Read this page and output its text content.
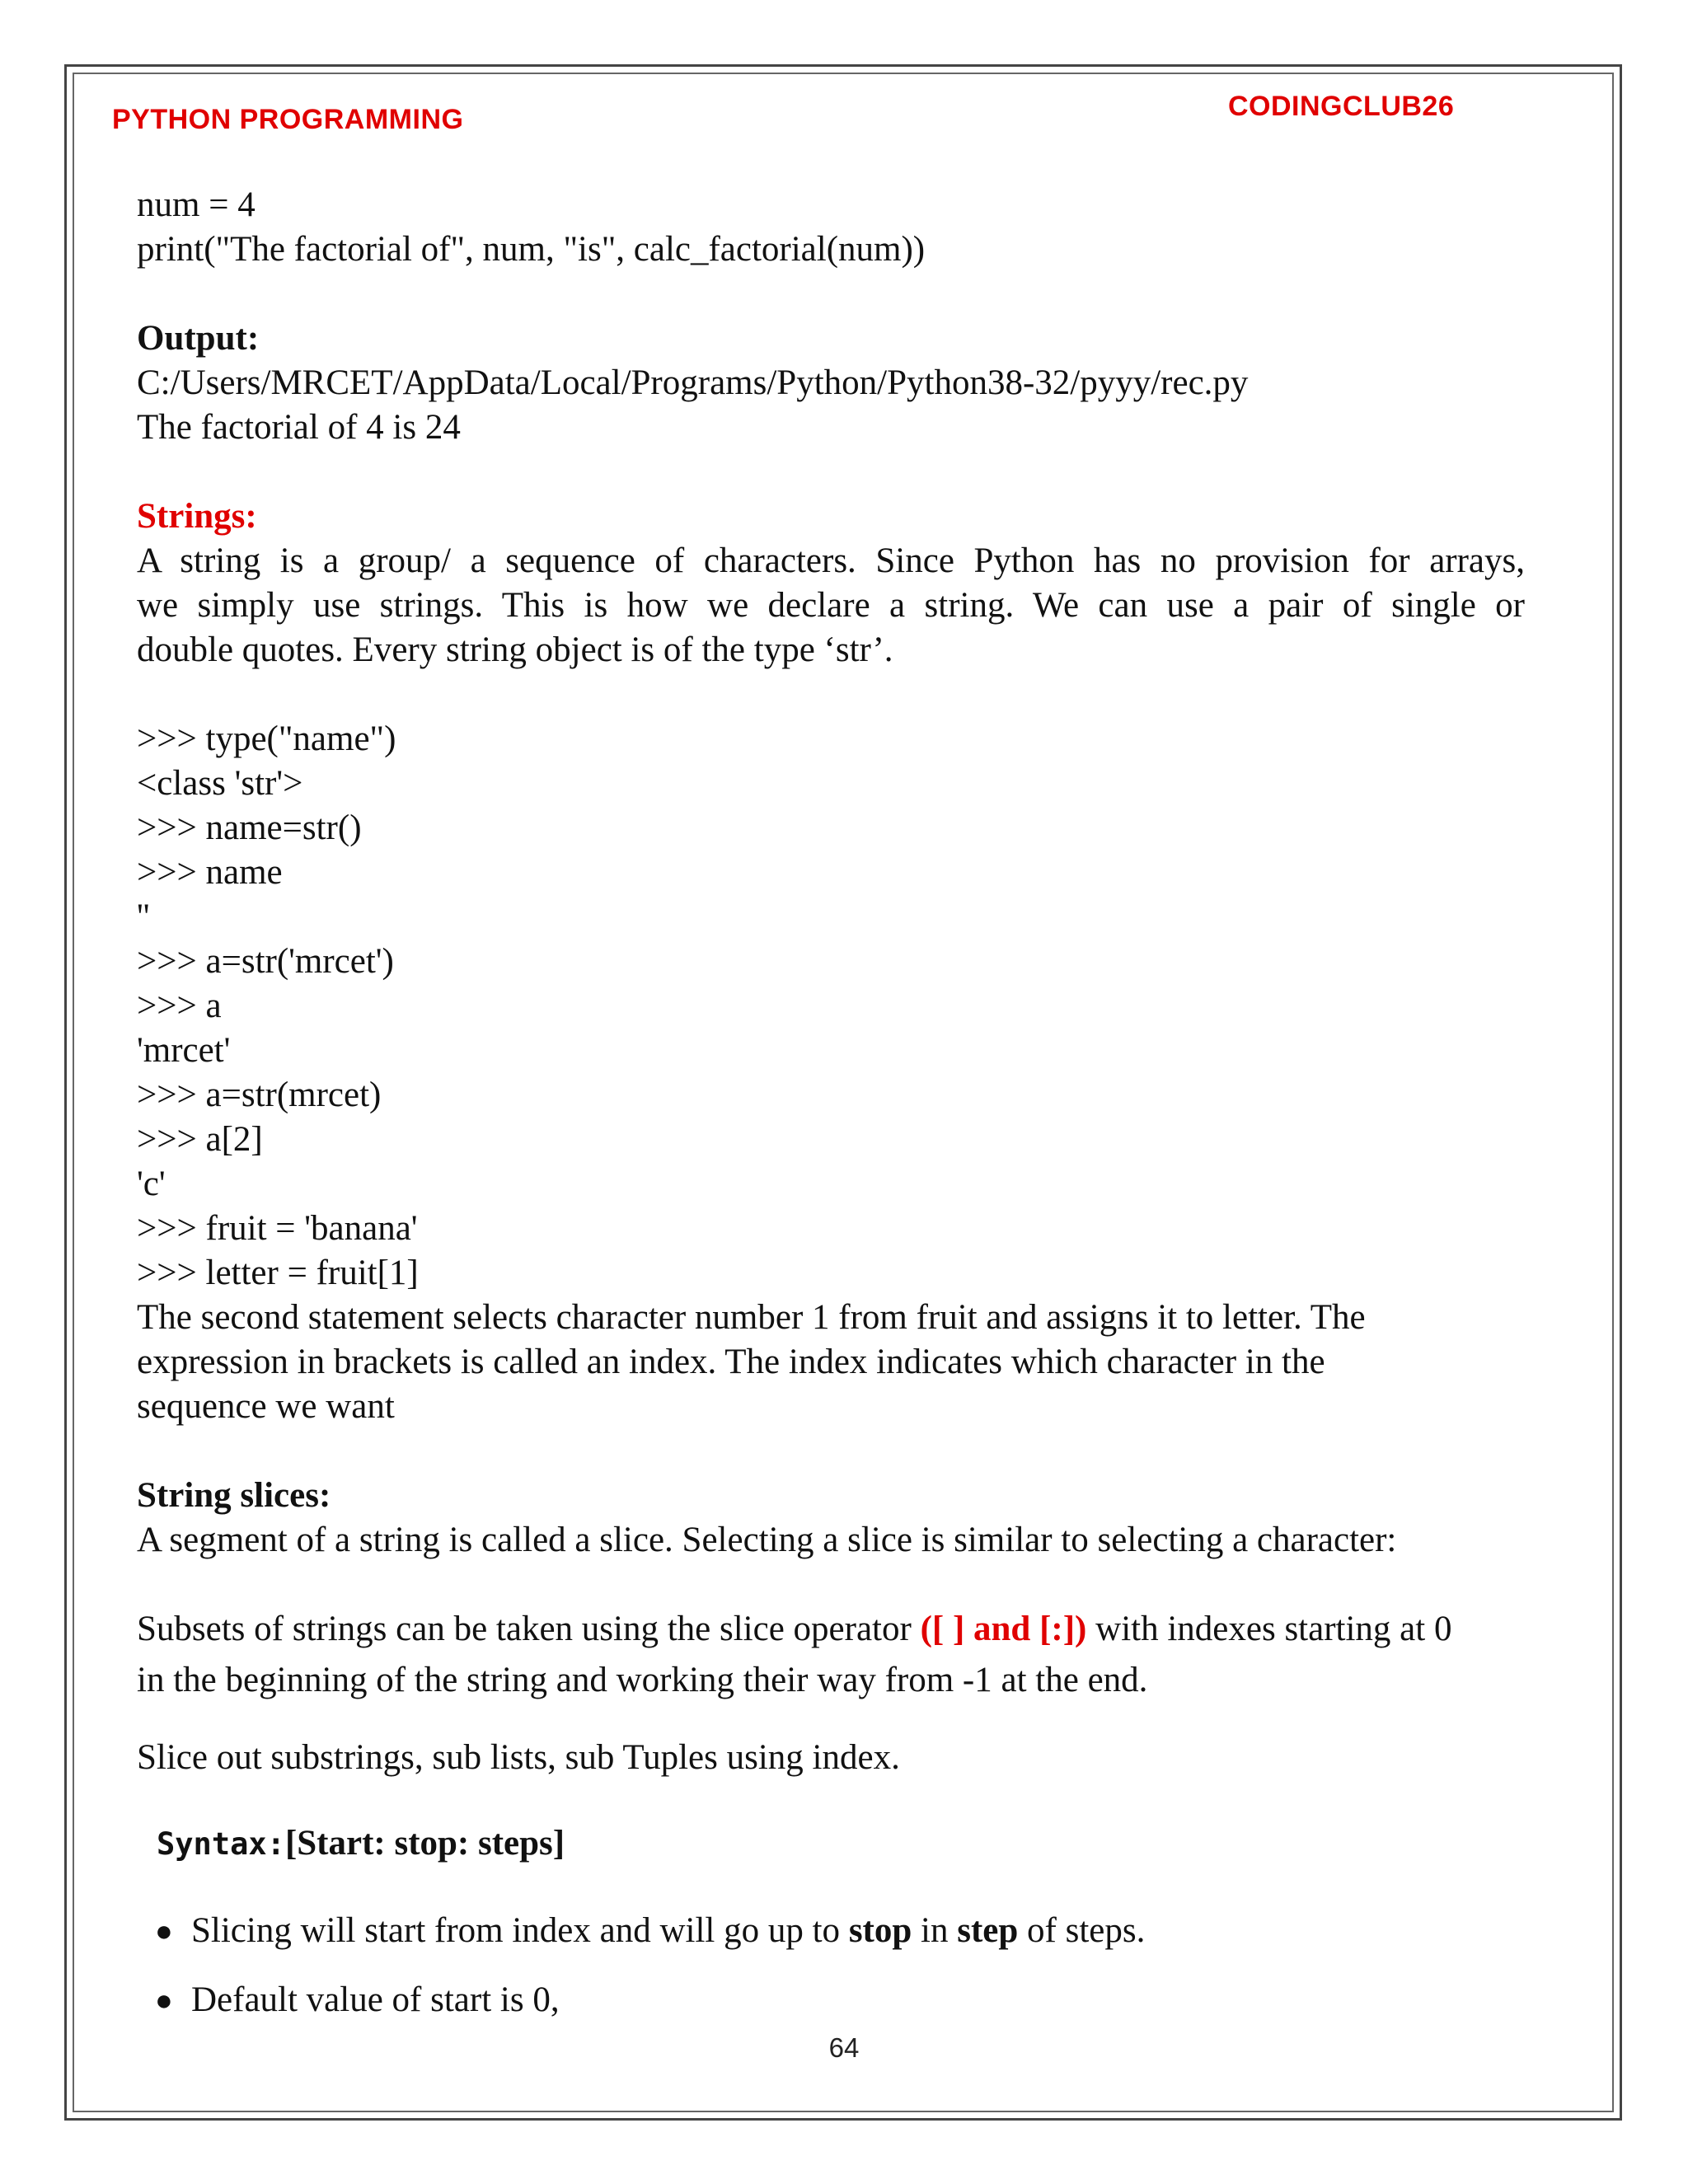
PYTHON PROGRAMMING	CODINGCLUB26
num = 4
print("The factorial of", num, "is", calc_factorial(num))
Output:
C:/Users/MRCET/AppData/Local/Programs/Python/Python38-32/pyyy/rec.py
The factorial of 4 is 24
Strings:
A string is a group/ a sequence of characters. Since Python has no provision for arrays,
we simply use strings. This is how we declare a string. We can use a pair of single or
double quotes. Every string object is of the type ‘str’.
>>> type("name")
<class 'str'>
>>> name=str()
>>> name
''
>>> a=str('mrcet')
>>> a
'mrcet'
>>> a=str(mrcet)
>>> a[2]
'c'
>>> fruit = 'banana'
>>> letter = fruit[1]
The second statement selects character number 1 from fruit and assigns it to letter. The
expression in brackets is called an index. The index indicates which character in the
sequence we want
String slices:
A segment of a string is called a slice. Selecting a slice is similar to selecting a character:
Subsets of strings can be taken using the slice operator ([ ] and [:]) with indexes starting at 0
in the beginning of the string and working their way from -1 at the end.
Slice out substrings, sub lists, sub Tuples using index.
Syntax:[Start: stop: steps]
● Slicing will start from index and will go up to stop in step of steps.
● Default value of start is 0,
64
